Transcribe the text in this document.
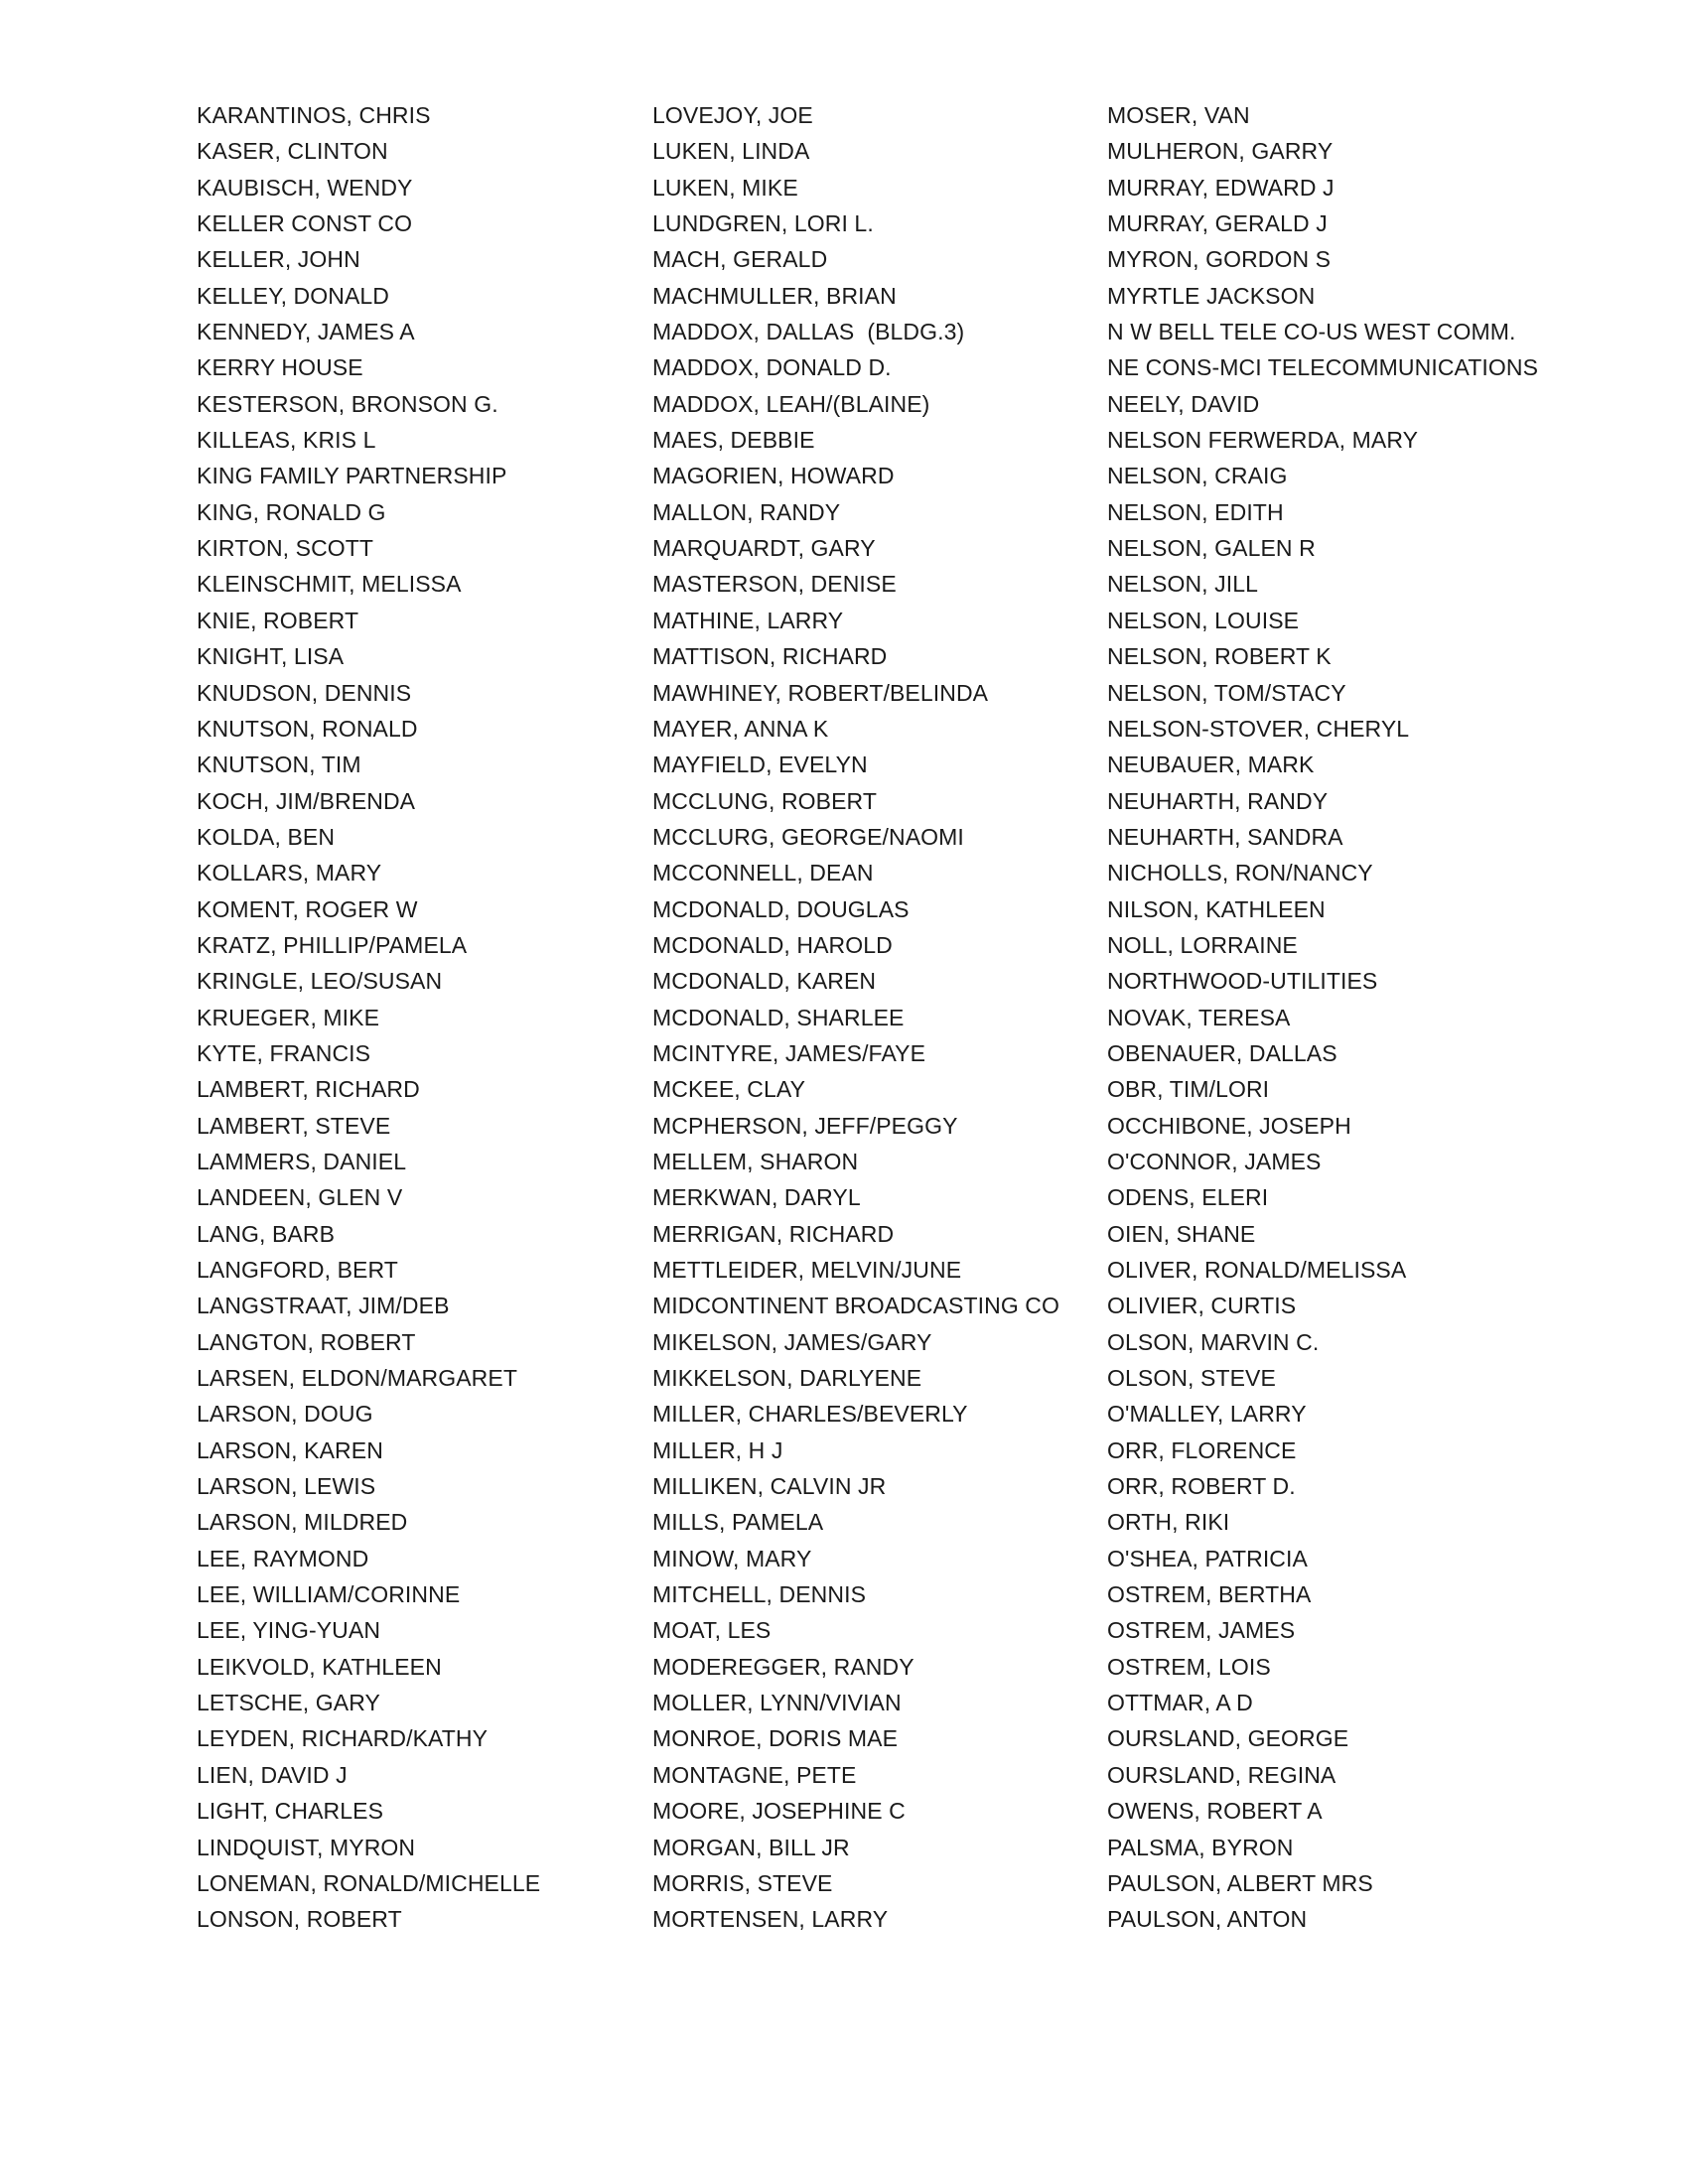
KARANTINOS, CHRIS
KASER, CLINTON
KAUBISCH, WENDY
KELLER CONST CO
KELLER, JOHN
KELLEY, DONALD
KENNEDY, JAMES A
KERRY HOUSE
KESTERSON, BRONSON G.
KILLEAS, KRIS L
KING FAMILY PARTNERSHIP
KING, RONALD G
KIRTON, SCOTT
KLEINSCHMIT, MELISSA
KNIE, ROBERT
KNIGHT, LISA
KNUDSON, DENNIS
KNUTSON, RONALD
KNUTSON, TIM
KOCH, JIM/BRENDA
KOLDA, BEN
KOLLARS, MARY
KOMENT, ROGER W
KRATZ, PHILLIP/PAMELA
KRINGLE, LEO/SUSAN
KRUEGER, MIKE
KYTE, FRANCIS
LAMBERT, RICHARD
LAMBERT, STEVE
LAMMERS, DANIEL
LANDEEN, GLEN V
LANG, BARB
LANGFORD, BERT
LANGSTRAAT, JIM/DEB
LANGTON, ROBERT
LARSEN, ELDON/MARGARET
LARSON, DOUG
LARSON, KAREN
LARSON, LEWIS
LARSON, MILDRED
LEE, RAYMOND
LEE, WILLIAM/CORINNE
LEE, YING-YUAN
LEIKVOLD, KATHLEEN
LETSCHE, GARY
LEYDEN, RICHARD/KATHY
LIEN, DAVID J
LIGHT, CHARLES
LINDQUIST, MYRON
LONEMAN, RONALD/MICHELLE
LONSON, ROBERT
LOVEJOY, JOE
LUKEN, LINDA
LUKEN, MIKE
LUNDGREN, LORI L.
MACH, GERALD
MACHMULLER, BRIAN
MADDOX, DALLAS  (BLDG.3)
MADDOX, DONALD D.
MADDOX, LEAH/(BLAINE)
MAES, DEBBIE
MAGORIEN, HOWARD
MALLON, RANDY
MARQUARDT, GARY
MASTERSON, DENISE
MATHINE, LARRY
MATTISON, RICHARD
MAWHINEY, ROBERT/BELINDA
MAYER, ANNA K
MAYFIELD, EVELYN
MCCLUNG, ROBERT
MCCLURG, GEORGE/NAOMI
MCCONNELL, DEAN
MCDONALD, DOUGLAS
MCDONALD, HAROLD
MCDONALD, KAREN
MCDONALD, SHARLEE
MCINTYRE, JAMES/FAYE
MCKEE, CLAY
MCPHERSON, JEFF/PEGGY
MELLEM, SHARON
MERKWAN, DARYL
MERRIGAN, RICHARD
METTLEIDER, MELVIN/JUNE
MIDCONTINENT BROADCASTING CO
MIKELSON, JAMES/GARY
MIKKELSON, DARLYENE
MILLER, CHARLES/BEVERLY
MILLER, H J
MILLIKEN, CALVIN JR
MILLS, PAMELA
MINOW, MARY
MITCHELL, DENNIS
MOAT, LES
MODEREGGER, RANDY
MOLLER, LYNN/VIVIAN
MONROE, DORIS MAE
MONTAGNE, PETE
MOORE, JOSEPHINE C
MORGAN, BILL JR
MORRIS, STEVE
MORTENSEN, LARRY
MOSER, VAN
MULHERON, GARRY
MURRAY, EDWARD J
MURRAY, GERALD J
MYRON, GORDON S
MYRTLE JACKSON
N W BELL TELE CO-US WEST COMM.
NE CONS-MCI TELECOMMUNICATIONS
NEELY, DAVID
NELSON FERWERDA, MARY
NELSON, CRAIG
NELSON, EDITH
NELSON, GALEN R
NELSON, JILL
NELSON, LOUISE
NELSON, ROBERT K
NELSON, TOM/STACY
NELSON-STOVER, CHERYL
NEUBAUER, MARK
NEUHARTH, RANDY
NEUHARTH, SANDRA
NICHOLLS, RON/NANCY
NILSON, KATHLEEN
NOLL, LORRAINE
NORTHWOOD-UTILITIES
NOVAK, TERESA
OBENAUER, DALLAS
OBR, TIM/LORI
OCCHIBONE, JOSEPH
O'CONNOR, JAMES
ODENS, ELERI
OIEN, SHANE
OLIVER, RONALD/MELISSA
OLIVIER, CURTIS
OLSON, MARVIN C.
OLSON, STEVE
O'MALLEY, LARRY
ORR, FLORENCE
ORR, ROBERT D.
ORTH, RIKI
O'SHEA, PATRICIA
OSTREM, BERTHA
OSTREM, JAMES
OSTREM, LOIS
OTTMAR, A D
OURSLAND, GEORGE
OURSLAND, REGINA
OWENS, ROBERT A
PALSMA, BYRON
PAULSON, ALBERT MRS
PAULSON, ANTON
